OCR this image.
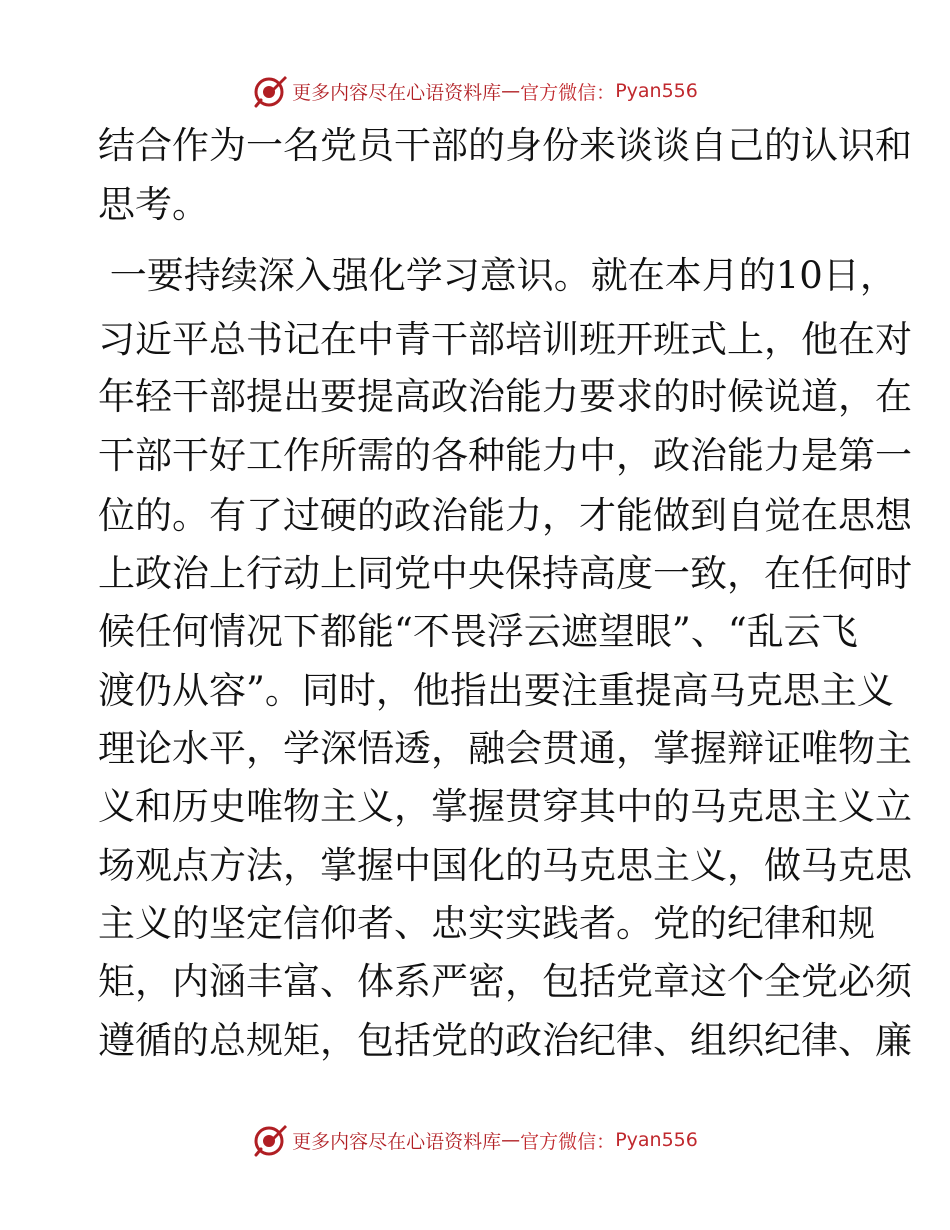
更多内容尽在心语资料库 — 官方微信： Pyan556
结合作为一名党员干部的身份来谈谈自己的认识和
思考。
一要持续深入强化学习意识。就在本月的10日，
习近平总书记在中青干部培训班开班式上，他在对
年轻干部提出要提高政治能力要求的时候说道，在
干部干好工作所需的各种能力中，政治能力是第一
位的。有了过硬的政治能力，才能做到自觉在思想
上政治上行动上同党中央保持高度一致，在任何时
候任何情况下都能“不畏浮云遮望眼”、“乱云飞
渡仍从容”。同时，他指出要注重提高马克思主义
理论水平，学深悟透，融会贯通，掌握辩证唯物主
义和历史唯物主义，掌握贯穿其中的马克思主义立
场观点方法，掌握中国化的马克思主义，做马克思
主义的坚定信仰者、忠实实践者。党的纪律和规
矩，内涵丰富、体系严密，包括党章这个全党必须
遵循的总规矩，包括党的政治纪律、组织纪律、廉
更多内容尽在心语资料库 — 官方微信： Pyan556
